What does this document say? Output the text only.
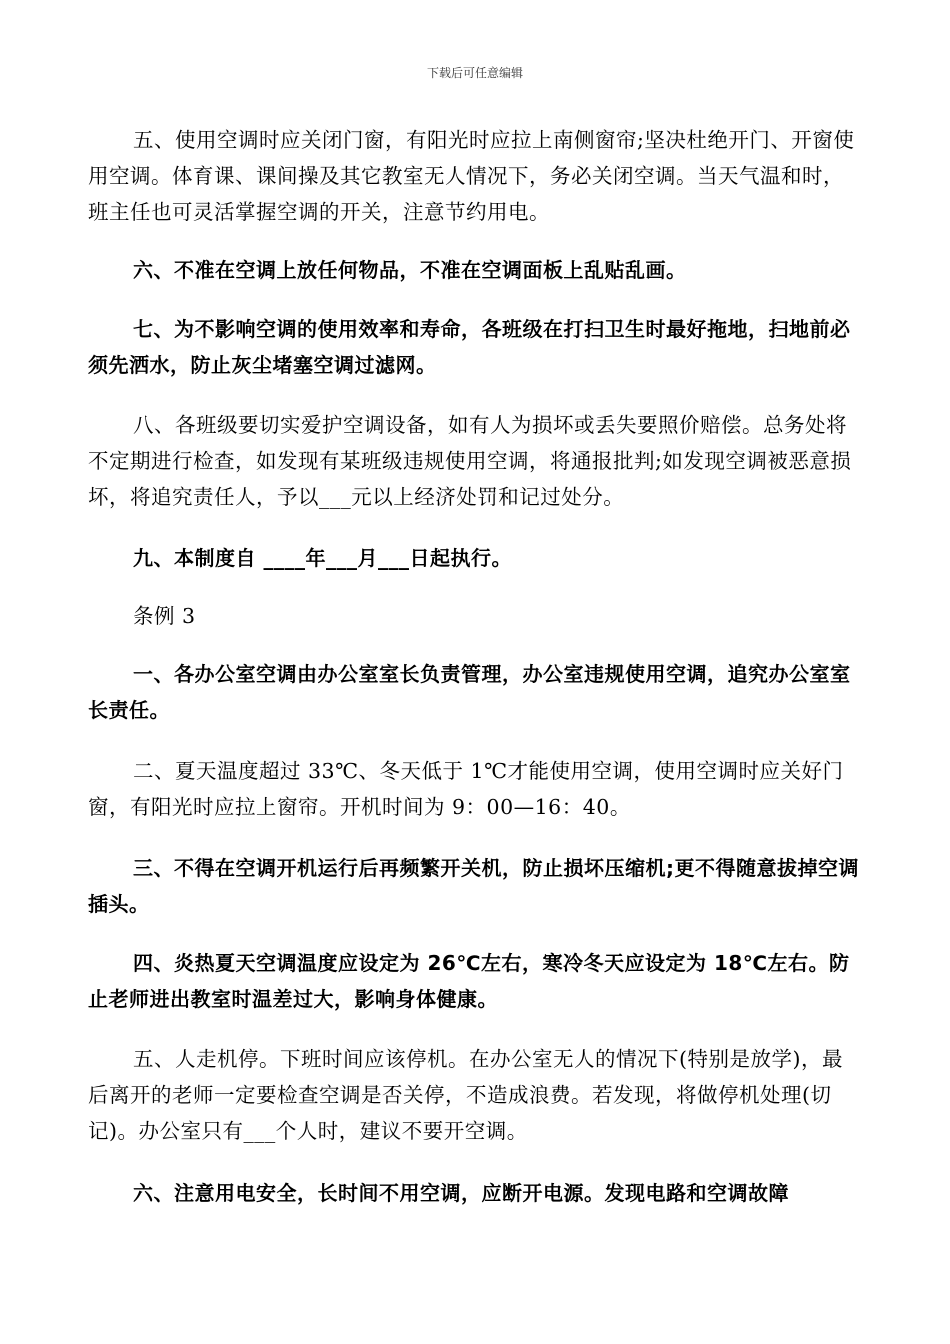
下载后可任意编辑

五、使用空调时应关闭门窗，有阳光时应拉上南侧窗帘;坚决杜绝开门、开窗使用空调。体育课、课间操及其它教室无人情况下，务必关闭空调。当天气温和时，班主任也可灵活掌握空调的开关，注意节约用电。

六、不准在空调上放任何物品，不准在空调面板上乱贴乱画。

七、为不影响空调的使用效率和寿命，各班级在打扫卫生时最好拖地，扫地前必须先洒水，防止灰尘堵塞空调过滤网。

八、各班级要切实爱护空调设备，如有人为损坏或丢失要照价赔偿。总务处将不定期进行检查，如发现有某班级违规使用空调，将通报批判;如发现空调被恶意损坏，将追究责任人，予以___元以上经济处罚和记过处分。

九、本制度自 ____年___月___日起执行。

条例 3

一、各办公室空调由办公室室长负责管理，办公室违规使用空调，追究办公室室长责任。

二、夏天温度超过 33℃、冬天低于 1℃才能使用空调，使用空调时应关好门窗，有阳光时应拉上窗帘。开机时间为 9：00—16：40。

三、不得在空调开机运行后再频繁开关机，防止损坏压缩机;更不得随意拔掉空调插头。

四、炎热夏天空调温度应设定为 26℃左右，寒冷冬天应设定为 18℃左右。防止老师进出教室时温差过大，影响身体健康。

五、人走机停。下班时间应该停机。在办公室无人的情况下(特别是放学)，最后离开的老师一定要检查空调是否关停，不造成浪费。若发现，将做停机处理(切记)。办公室只有___个人时，建议不要开空调。

六、注意用电安全，长时间不用空调，应断开电源。发现电路和空调故障
